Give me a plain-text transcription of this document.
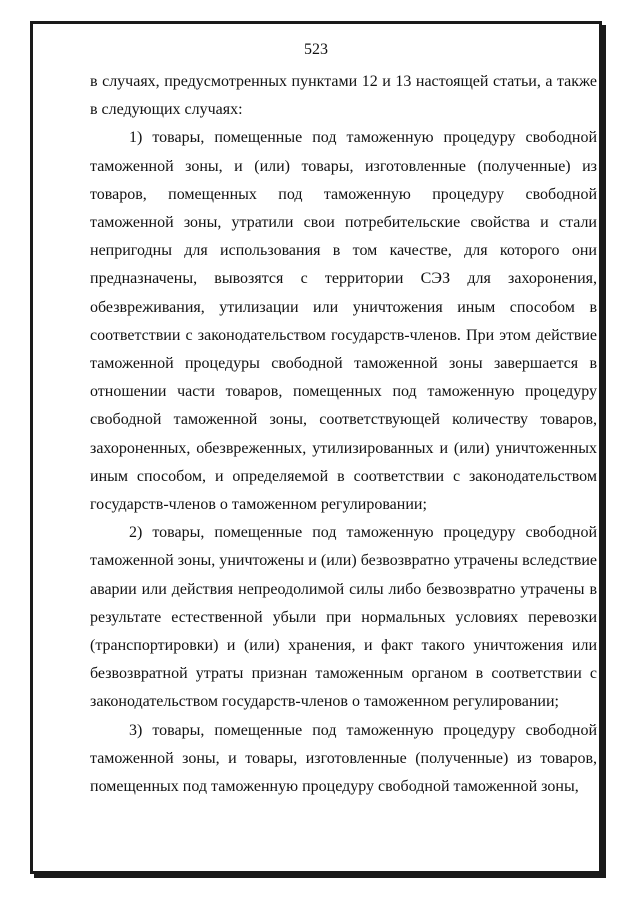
523

в случаях, предусмотренных пунктами 12 и 13 настоящей статьи, а также в следующих случаях:

1) товары, помещенные под таможенную процедуру свободной таможенной зоны, и (или) товары, изготовленные (полученные) из товаров, помещенных под таможенную процедуру свободной таможенной зоны, утратили свои потребительские свойства и стали непригодны для использования в том качестве, для которого они предназначены, вывозятся с территории СЭЗ для захоронения, обезвреживания, утилизации или уничтожения иным способом в соответствии с законодательством государств-членов. При этом действие таможенной процедуры свободной таможенной зоны завершается в отношении части товаров, помещенных под таможенную процедуру свободной таможенной зоны, соответствующей количеству товаров, захороненных, обезвреженных, утилизированных и (или) уничтоженных иным способом, и определяемой в соответствии с законодательством государств-членов о таможенном регулировании;

2) товары, помещенные под таможенную процедуру свободной таможенной зоны, уничтожены и (или) безвозвратно утрачены вследствие аварии или действия непреодолимой силы либо безвозвратно утрачены в результате естественной убыли при нормальных условиях перевозки (транспортировки) и (или) хранения, и факт такого уничтожения или безвозвратной утраты признан таможенным органом в соответствии с законодательством государств-членов о таможенном регулировании;

3) товары, помещенные под таможенную процедуру свободной таможенной зоны, и товары, изготовленные (полученные) из товаров, помещенных под таможенную процедуру свободной таможенной зоны,
